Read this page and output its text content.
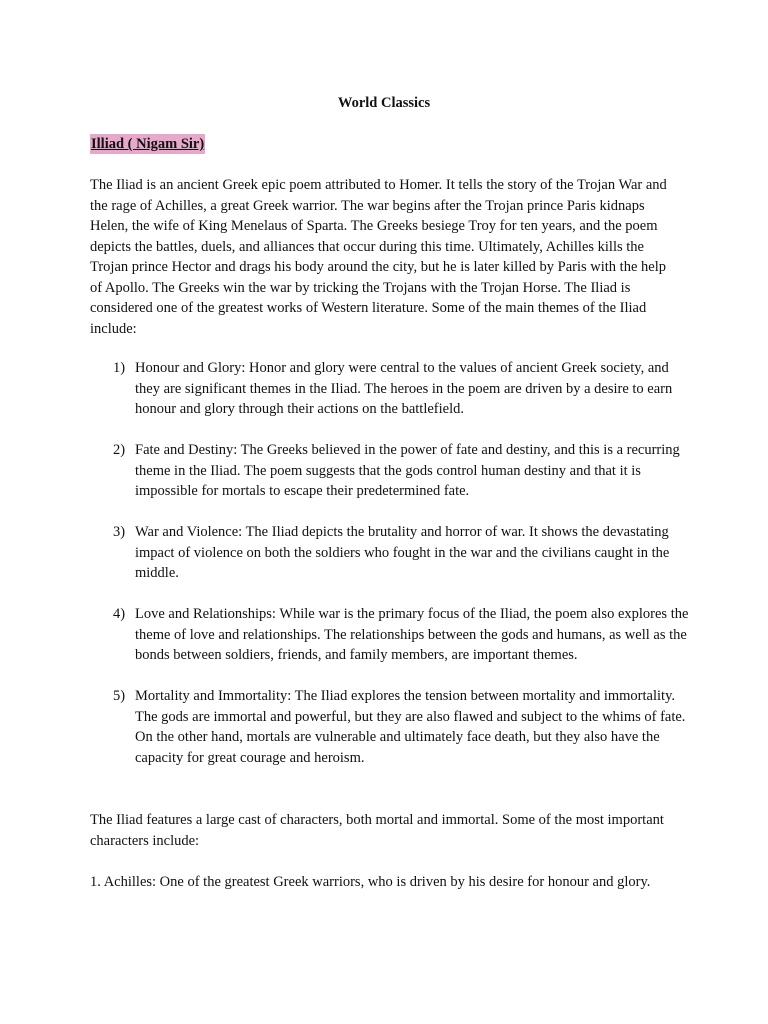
World Classics
Illiad ( Nigam Sir)

The Iliad is an ancient Greek epic poem attributed to Homer. It tells the story of the Trojan War and the rage of Achilles, a great Greek warrior. The war begins after the Trojan prince Paris kidnaps Helen, the wife of King Menelaus of Sparta. The Greeks besiege Troy for ten years, and the poem depicts the battles, duels, and alliances that occur during this time. Ultimately, Achilles kills the Trojan prince Hector and drags his body around the city, but he is later killed by Paris with the help of Apollo. The Greeks win the war by tricking the Trojans with the Trojan Horse. The Iliad is considered one of the greatest works of Western literature. Some of the main themes of the Iliad include:

1) Honour and Glory: Honor and glory were central to the values of ancient Greek society, and they are significant themes in the Iliad. The heroes in the poem are driven by a desire to earn honour and glory through their actions on the battlefield.
2) Fate and Destiny: The Greeks believed in the power of fate and destiny, and this is a recurring theme in the Iliad. The poem suggests that the gods control human destiny and that it is impossible for mortals to escape their predetermined fate.
3) War and Violence: The Iliad depicts the brutality and horror of war. It shows the devastating impact of violence on both the soldiers who fought in the war and the civilians caught in the middle.
4) Love and Relationships: While war is the primary focus of the Iliad, the poem also explores the theme of love and relationships. The relationships between the gods and humans, as well as the bonds between soldiers, friends, and family members, are important themes.
5) Mortality and Immortality: The Iliad explores the tension between mortality and immortality. The gods are immortal and powerful, but they are also flawed and subject to the whims of fate. On the other hand, mortals are vulnerable and ultimately face death, but they also have the capacity for great courage and heroism.

The Iliad features a large cast of characters, both mortal and immortal. Some of the most important characters include:

1. Achilles: One of the greatest Greek warriors, who is driven by his desire for honour and glory.
